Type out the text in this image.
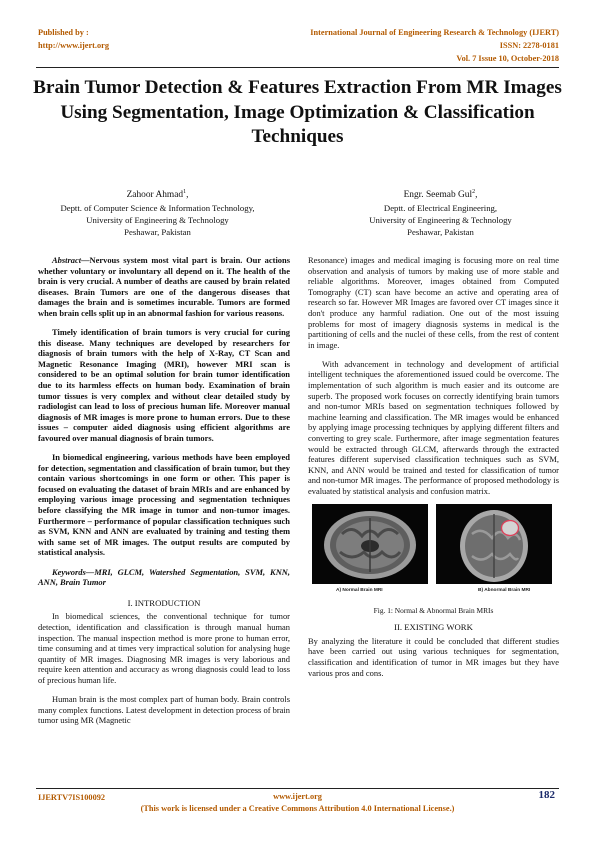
Published by :
http://www.ijert.org
International Journal of Engineering Research & Technology (IJERT)
ISSN: 2278-0181
Vol. 7 Issue 10, October-2018
Brain Tumor Detection & Features Extraction From MR Images Using Segmentation, Image Optimization & Classification Techniques
Zahoor Ahmad$^1$,
Deptt. of Computer Science & Information Technology,
University of Engineering & Technology
Peshawar, Pakistan
Engr. Seemab Gul$^2$,
Deptt. of Electrical Engineering,
University of Engineering & Technology
Peshawar, Pakistan

Abstract—Nervous system most vital part is brain. Our actions whether voluntary or involuntary all depend on it. The health of the brain is very crucial. A number of deaths are caused by brain related diseases. Brain Tumors are one of the dangerous diseases that damages the brain and is sometimes incurable. Tumors are formed when brain cells split up in an abnormal fashion for various reasons.

Timely identification of brain tumors is very crucial for curing this disease. Many techniques are developed by researchers for diagnosis of brain tumors with the help of X-Ray, CT Scan and Magnetic Resonance Imaging (MRI), however MRI scan is considered to be an optimal solution for brain tumor identification due to its harmless effects on human body. Examination of brain tumor tissues is very complex and without clear detailed study by radiologist can lead to loss of precious human life. Moreover manual diagnosis of MR images is more prone to human errors. Due to these issues – computer aided diagnosis using efficient algorithms are favoured over manual diagnosis of brain tumors.

In biomedical engineering, various methods have been employed for detection, segmentation and classification of brain tumor, but they contain various shortcomings in one form or other. This paper is focused on evaluating the dataset of brain MRIs and are enhanced by employing various image processing and segmentation techniques before classifying the MR image in tumor and non-tumor images. Furthermore – performance of popular classification techniques such as SVM, KNN and ANN are evaluated by training and testing them with same set of MR images. The output results are computed by statistical analysis.

Keywords—MRI, GLCM, Watershed Segmentation, SVM, KNN, ANN, Brain Tumor

I. INTRODUCTION

In biomedical sciences, the conventional technique for tumor detection, identification and classification is through manual human inspection. The manual inspection method is more prone to human error, time consuming and at times very impractical solution for analysing huge quantity of MR images. Diagnosing MR images is very laborious and require keen attention and accuracy as wrong diagnosis could lead to loss of precious human life.

Human brain is the most complex part of human body. Brain controls many complex functions. Latest development in detection process of brain tumor using MR (Magnetic

Resonance) images and medical imaging is focusing more on real time observation and analysis of tumors by making use of more stable and reliable algorithms. Moreover, images obtained from Computed Tomography (CT) scan have become an active and operating area of research so far. However MR Images are favored over CT images since it don't produce any harmful radiation. One out of the most issuing problems for most of imagery diagnosis systems in medical is the partitioning of cells and the nuclei of these cells, from the rest of content in image.

With advancement in technology and development of artificial intelligent techniques the aforementioned issued could be overcome. The implementation of such algorithm is much easier and its outcome are superb. The proposed work focuses on correctly identifying brain tumors and non-tumor MRIs based on segmentation techniques followed by machine learning and classification. The MR images would be enhanced by applying image processing techniques by applying different filters and converting to grey scale. Furthermore, after image segmentation features would be extracted through GLCM, afterwards through the extracted features different supervised classification techniques such as SVM, KNN, and ANN would be trained and tested for classification of tumor and non-tumor MR images. The performance of proposed methodology is evaluated by statistical analysis and confusion matrix.

A) Normal Brain MRI	B) Abnormal Brain MRI

Fig. 1: Normal & Abnormal Brain MRIs

II. EXISTING WORK

By analyzing the literature it could be concluded that different studies have been carried out using various techniques for segmentation, classification and identification of tumor in MR images but they have various pros and cons.

IJERTV7IS100092	www.ijert.org
(This work is licensed under a Creative Commons Attribution 4.0 International License.)
182
